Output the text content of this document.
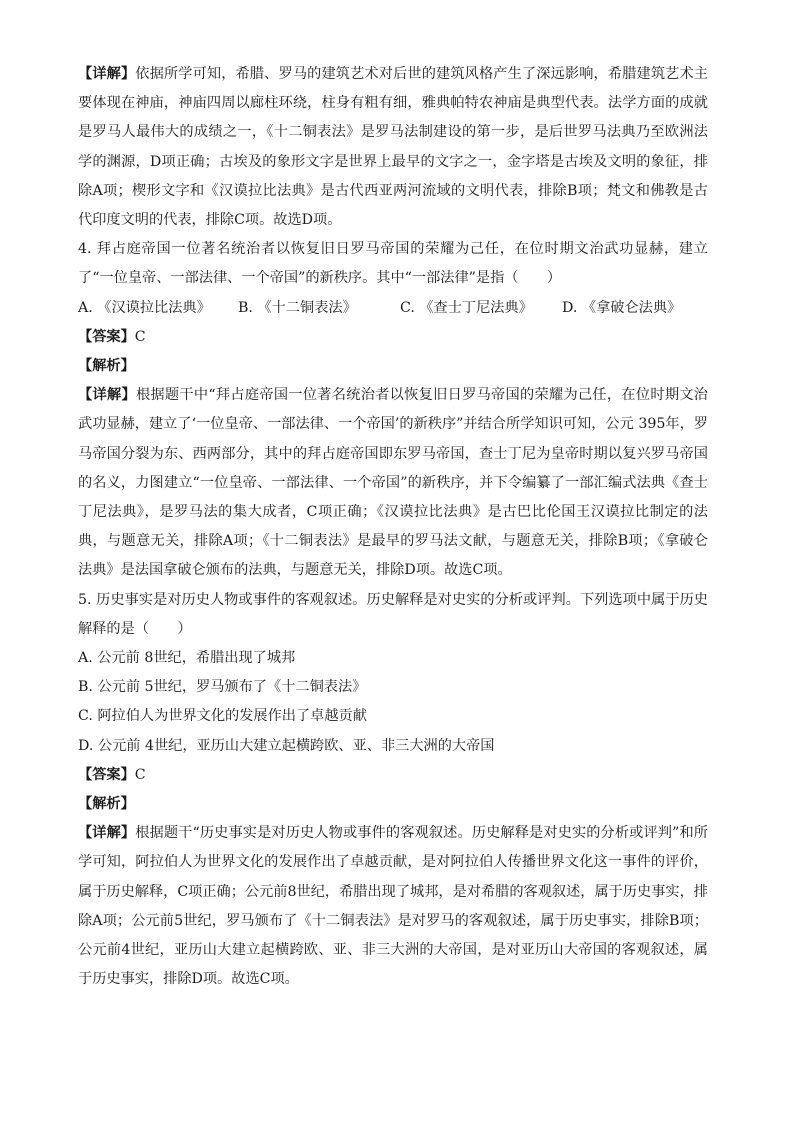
【详解】依据所学可知，希腊、罗马的建筑艺术对后世的建筑风格产生了深远影响，希腊建筑艺术主要体现在神庙，神庙四周以廊柱环绕，柱身有粗有细，雅典帕特农神庙是典型代表。法学方面的成就是罗马人最伟大的成绩之一，《十二铜表法》是罗马法制建设的第一步，是后世罗马法典乃至欧洲法学的渊源，D项正确；古埃及的象形文字是世界上最早的文字之一，金字塔是古埃及文明的象征，排除A项；楔形文字和《汉谟拉比法典》是古代西亚两河流域的文明代表，排除B项；梵文和佛教是古代印度文明的代表，排除C项。故选D项。

4. 拜占庭帝国一位著名统治者以恢复旧日罗马帝国的荣耀为己任，在位时期文治武功显赫，建立了“一位皇帝、一部法律、一个帝国”的新秩序。其中“一部法律”是指（　　）

A. 《汉谟拉比法典》	B. 《十二铜表法》	C. 《查士丁尼法典》	D. 《拿破仑法典》

【答案】C

【解析】

【详解】根据题干中“拜占庭帝国一位著名统治者以恢复旧日罗马帝国的荣耀为己任，在位时期文治武功显赫，建立了‘一位皇帝、一部法律、一个帝国’的新秩序”并结合所学知识可知，公元 395年，罗马帝国分裂为东、西两部分，其中的拜占庭帝国即东罗马帝国，查士丁尼为皇帝时期以复兴罗马帝国的名义，力图建立“一位皇帝、一部法律、一个帝国”的新秩序，并下令编纂了一部汇编式法典《查士丁尼法典》，是罗马法的集大成者，C项正确；《汉谟拉比法典》是古巴比伦国王汉谟拉比制定的法典，与题意无关，排除A项；《十二铜表法》是最早的罗马法文献，与题意无关，排除B项；《拿破仑法典》是法国拿破仑颁布的法典，与题意无关，排除D项。故选C项。

5. 历史事实是对历史人物或事件的客观叙述。历史解释是对史实的分析或评判。下列选项中属于历史解释的是（　　）

A. 公元前 8世纪，希腊出现了城邦

B. 公元前 5世纪，罗马颁布了《十二铜表法》

C. 阿拉伯人为世界文化的发展作出了卓越贡献

D. 公元前 4世纪，亚历山大建立起横跨欧、亚、非三大洲的大帝国

【答案】C

【解析】

【详解】根据题干“历史事实是对历史人物或事件的客观叙述。历史解释是对史实的分析或评判”和所学可知，阿拉伯人为世界文化的发展作出了卓越贡献，是对阿拉伯人传播世界文化这一事件的评价，属于历史解释，C项正确；公元前8世纪，希腊出现了城邦，是对希腊的客观叙述，属于历史事实，排除A项；公元前5世纪，罗马颁布了《十二铜表法》是对罗马的客观叙述，属于历史事实，排除B项；公元前4世纪，亚历山大建立起横跨欧、亚、非三大洲的大帝国，是对亚历山大帝国的客观叙述，属于历史事实，排除D项。故选C项。
